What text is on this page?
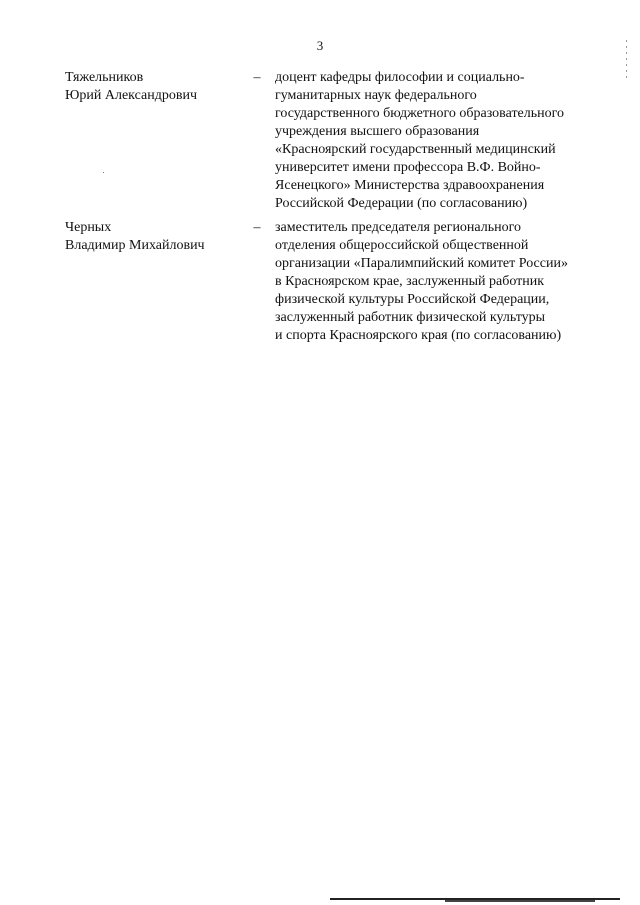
3
Тяжельников
Юрий Александрович
– доцент кафедры философии и социально-
гуманитарных наук федерального
государственного бюджетного образовательного
учреждения высшего образования
«Красноярский государственный медицинский
университет имени профессора В.Ф. Войно-
Ясенецкого» Министерства здравоохранения
Российской Федерации (по согласованию)
Черных
Владимир Михайлович
– заместитель председателя регионального
отделения общероссийской общественной
организации «Паралимпийский комитет России»
в Красноярском крае, заслуженный работник
физической культуры Российской Федерации,
заслуженный работник физической культуры
и спорта Красноярского края (по согласованию)
